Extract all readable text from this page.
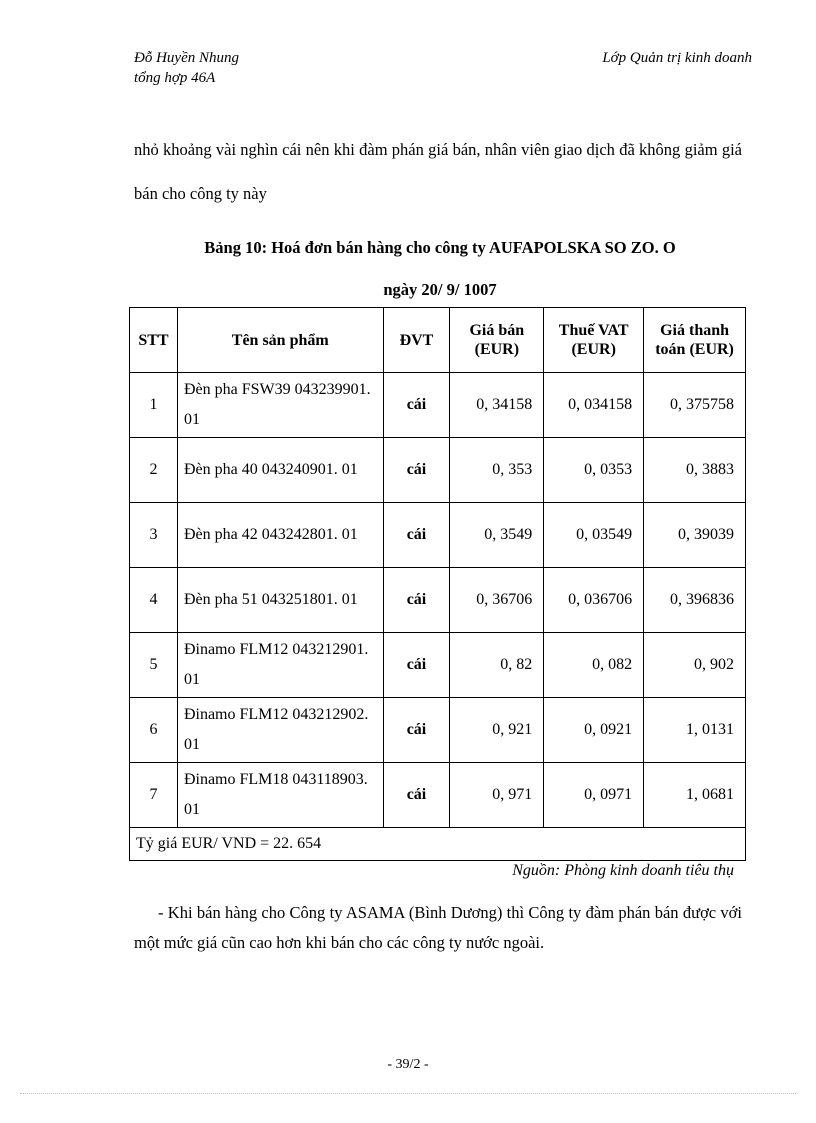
Đỗ Huyền Nhung
tổng hợp 46A
Lớp Quản trị kinh doanh
nhỏ khoảng vài nghìn cái nên khi đàm phán giá bán, nhân viên giao dịch đã không giảm giá bán cho công ty này
Bảng 10: Hoá đơn bán hàng cho công ty AUFAPOLSKA SO ZO. O
ngày 20/ 9/ 1007
STT	Tên sản phẩm	ĐVT	Giá bán (EUR)	Thuế VAT (EUR)	Giá thanh toán (EUR)
1	Đèn pha FSW39 043239901. 01	cái	0, 34158	0, 034158	0, 375758
2	Đèn pha 40 043240901. 01	cái	0, 353	0, 0353	0, 3883
3	Đèn pha 42 043242801. 01	cái	0, 3549	0, 03549	0, 39039
4	Đèn pha 51 043251801. 01	cái	0, 36706	0, 036706	0, 396836
5	Đinamo FLM12 043212901. 01	cái	0, 82	0, 082	0, 902
6	Đinamo FLM12 043212902. 01	cái	0, 921	0, 0921	1, 0131
7	Đinamo FLM18 043118903. 01	cái	0, 971	0, 0971	1, 0681
Tỷ giá EUR/ VND = 22. 654					
Nguồn: Phòng kinh doanh tiêu thụ
- Khi bán hàng cho Công ty ASAMA (Bình Dương) thì Công ty đàm phán bán được với một mức giá cũn cao hơn khi bán cho các công ty nước ngoài.
- 39/2 -
